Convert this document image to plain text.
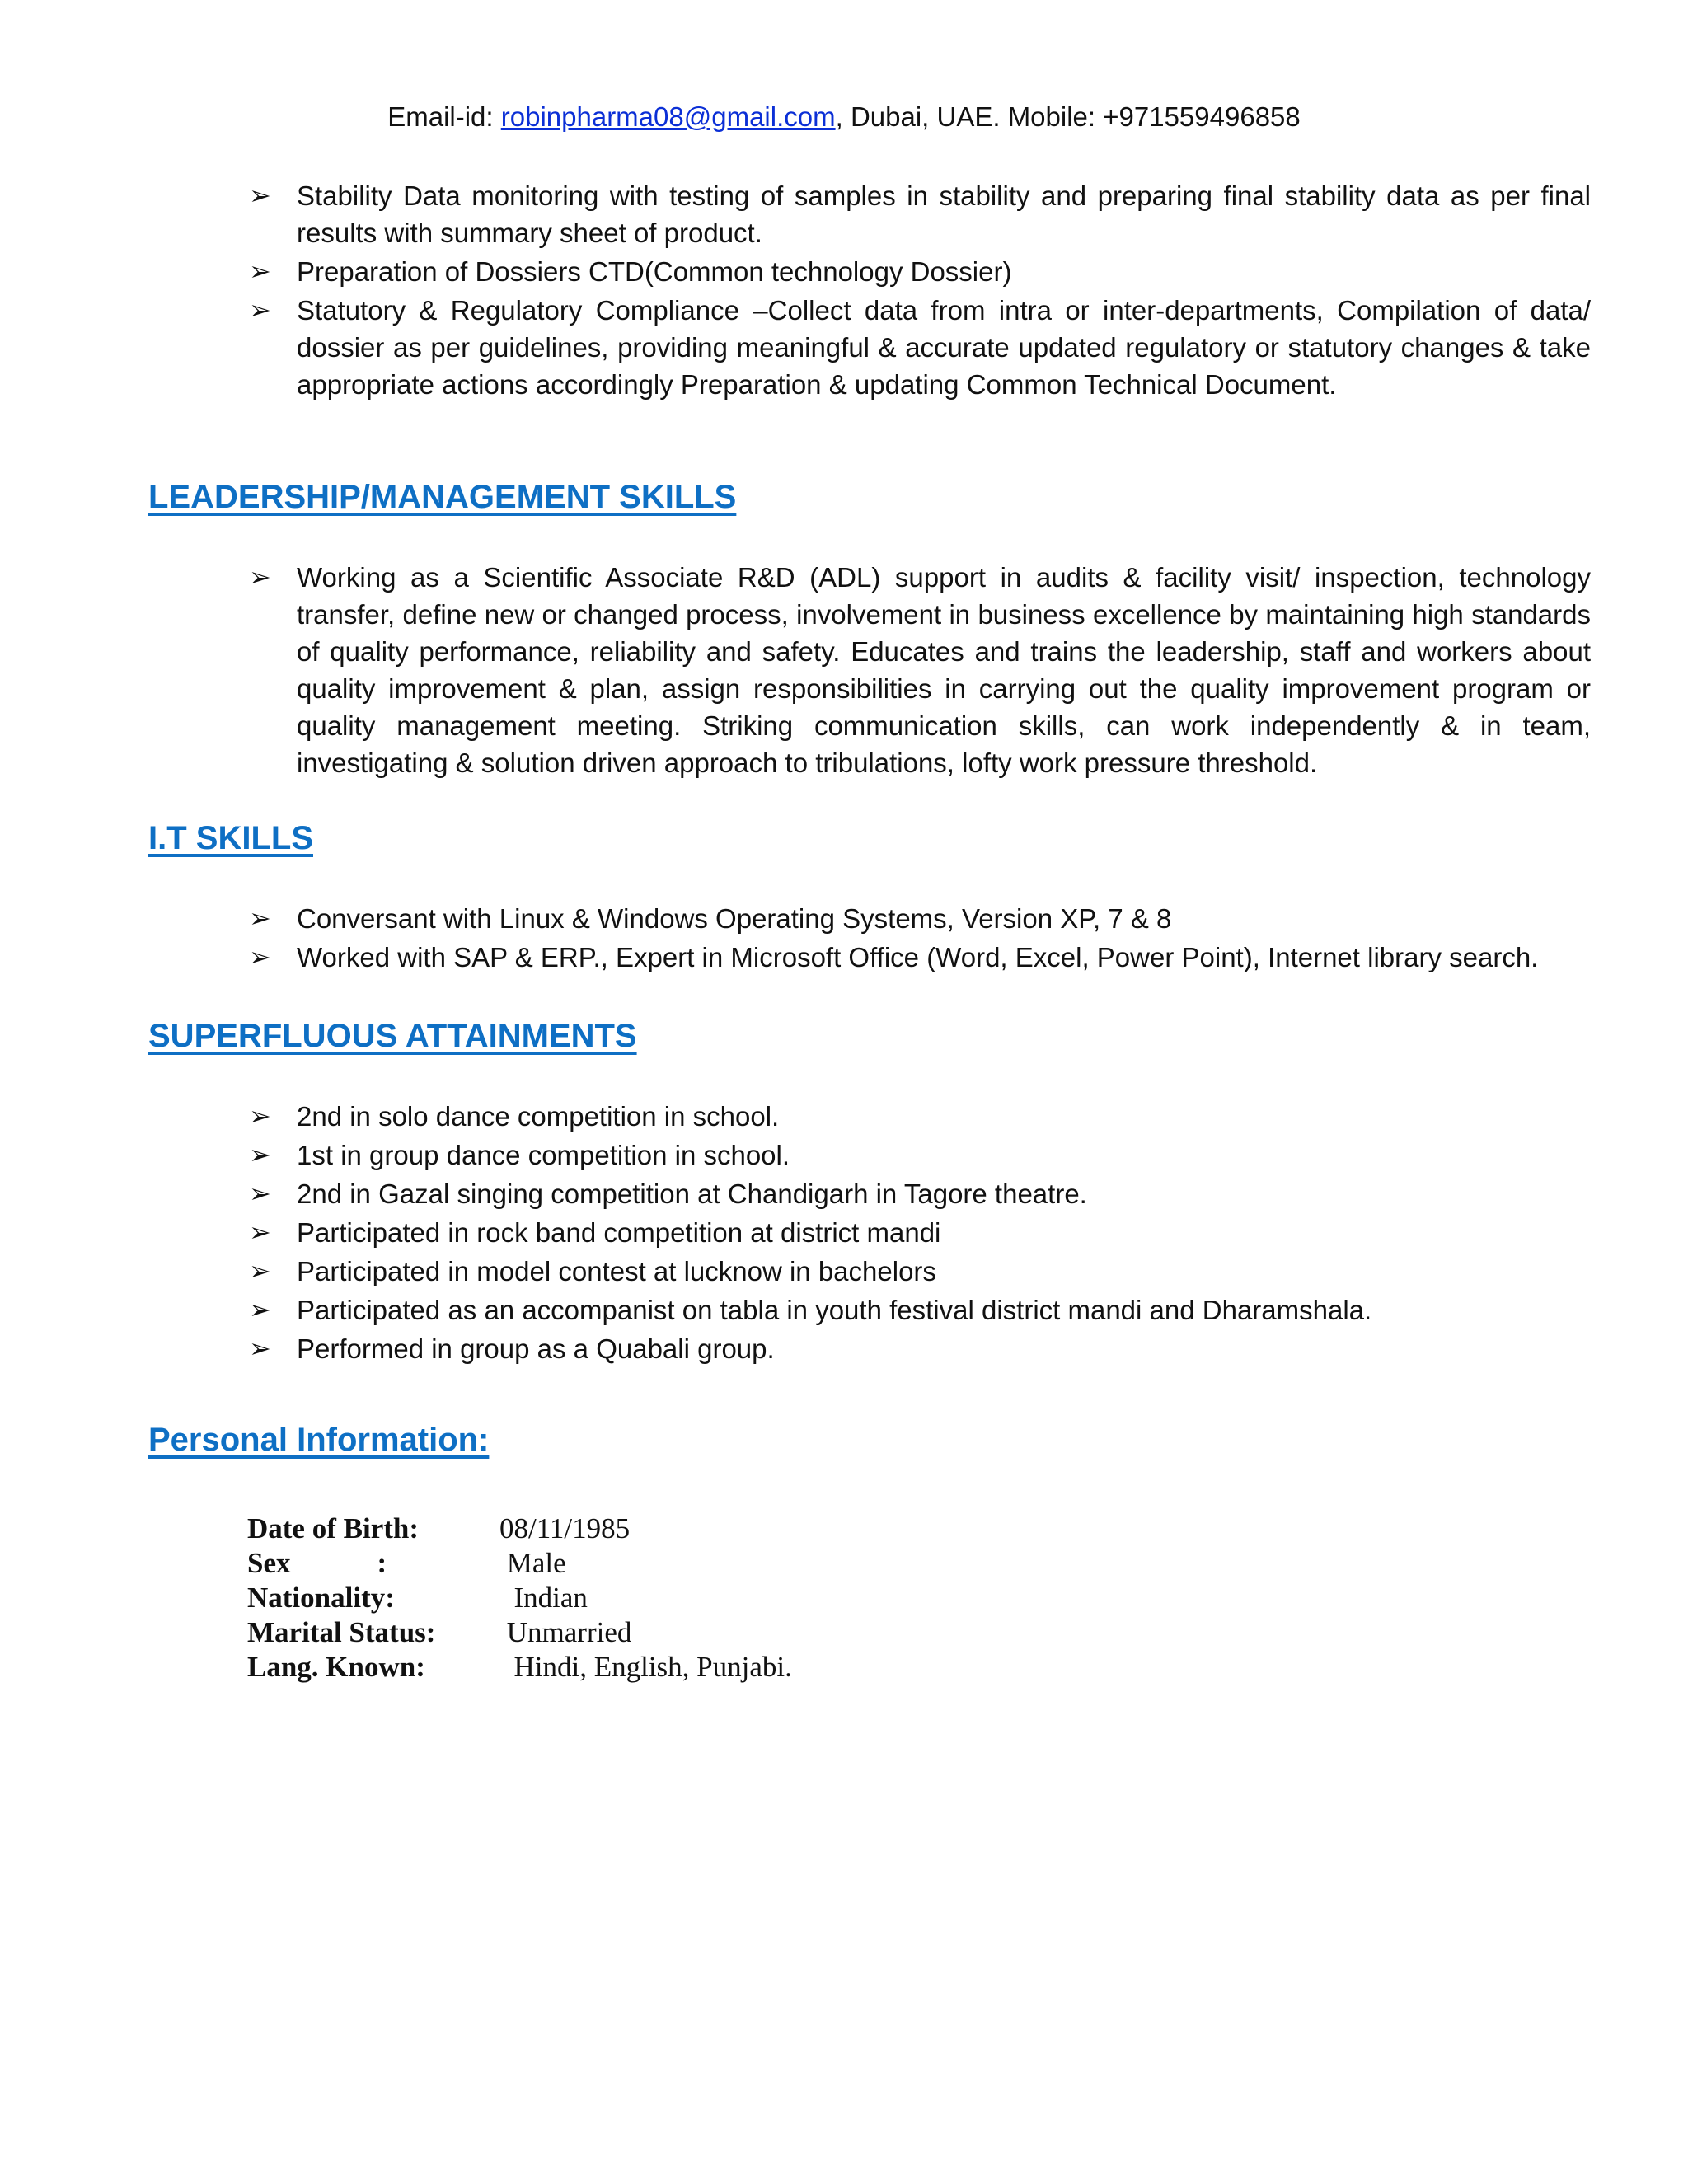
Email-id: robinpharma08@gmail.com, Dubai, UAE. Mobile: +971559496858
➢ Stability Data monitoring with testing of samples in stability and preparing final stability data as per final results with summary sheet of product.
➢ Preparation of Dossiers CTD(Common technology Dossier)
➢ Statutory & Regulatory Compliance –Collect data from intra or inter-departments, Compilation of data/ dossier as per guidelines, providing meaningful & accurate updated regulatory or statutory changes & take appropriate actions accordingly Preparation & updating Common Technical Document.
LEADERSHIP/MANAGEMENT SKILLS
➢ Working as a Scientific Associate R&D (ADL) support in audits & facility visit/ inspection, technology transfer, define new or changed process, involvement in business excellence by maintaining high standards of quality performance, reliability and safety. Educates and trains the leadership, staff and workers about quality improvement & plan, assign responsibilities in carrying out the quality improvement program or quality management meeting. Striking communication skills, can work independently & in team, investigating & solution driven approach to tribulations, lofty work pressure threshold.
I.T SKILLS
➢ Conversant with Linux & Windows Operating Systems, Version XP, 7 & 8
➢ Worked with SAP & ERP., Expert in Microsoft Office (Word, Excel, Power Point), Internet library search.
SUPERFLUOUS ATTAINMENTS
➢ 2nd in solo dance competition in school.
➢ 1st in group dance competition in school.
➢ 2nd in Gazal singing competition at Chandigarh in Tagore theatre.
➢ Participated in rock band competition at district mandi
➢ Participated in model contest at lucknow in bachelors
➢ Participated as an accompanist on tabla in youth festival district mandi and Dharamshala.
➢ Performed in group as a Quabali group.
Personal Information:
Date of Birth:	08/11/1985
Sex            :	Male
Nationality:	Indian
Marital Status:	Unmarried
Lang. Known:	Hindi, English, Punjabi.
